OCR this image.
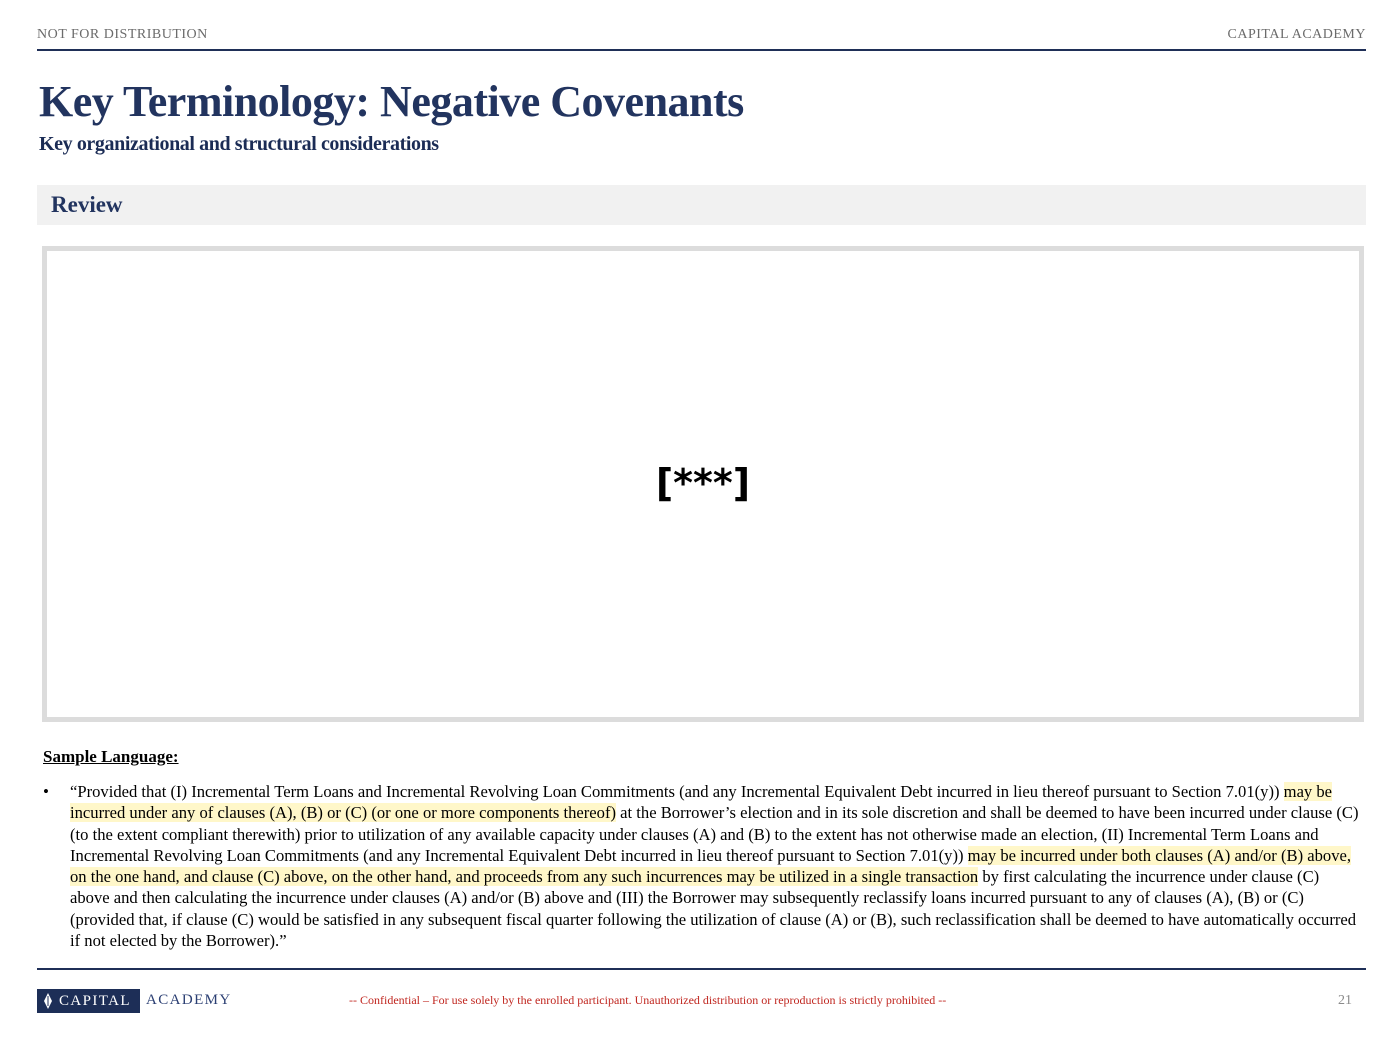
NOT FOR DISTRIBUTION	CAPITAL ACADEMY
Key Terminology: Negative Covenants
Key organizational and structural considerations
Review
[***]
Sample Language:
• “Provided that (I) Incremental Term Loans and Incremental Revolving Loan Commitments (and any Incremental Equivalent Debt incurred in lieu thereof pursuant to Section 7.01(y)) may be incurred under any of clauses (A), (B) or (C) (or one or more components thereof) at the Borrower’s election and in its sole discretion and shall be deemed to have been incurred under clause (C) (to the extent compliant therewith) prior to utilization of any available capacity under clauses (A) and (B) to the extent has not otherwise made an election, (II) Incremental Term Loans and Incremental Revolving Loan Commitments (and any Incremental Equivalent Debt incurred in lieu thereof pursuant to Section 7.01(y)) may be incurred under both clauses (A) and/or (B) above, on the one hand, and clause (C) above, on the other hand, and proceeds from any such incurrences may be utilized in a single transaction by first calculating the incurrence under clause (C) above and then calculating the incurrence under clauses (A) and/or (B) above and (III) the Borrower may subsequently reclassify loans incurred pursuant to any of clauses (A), (B) or (C) (provided that, if clause (C) would be satisfied in any subsequent fiscal quarter following the utilization of clause (A) or (B), such reclassification shall be deemed to have automatically occurred if not elected by the Borrower).”
CAPITAL ACADEMY	-- Confidential – For use solely by the enrolled participant. Unauthorized distribution or reproduction is strictly prohibited --	21
